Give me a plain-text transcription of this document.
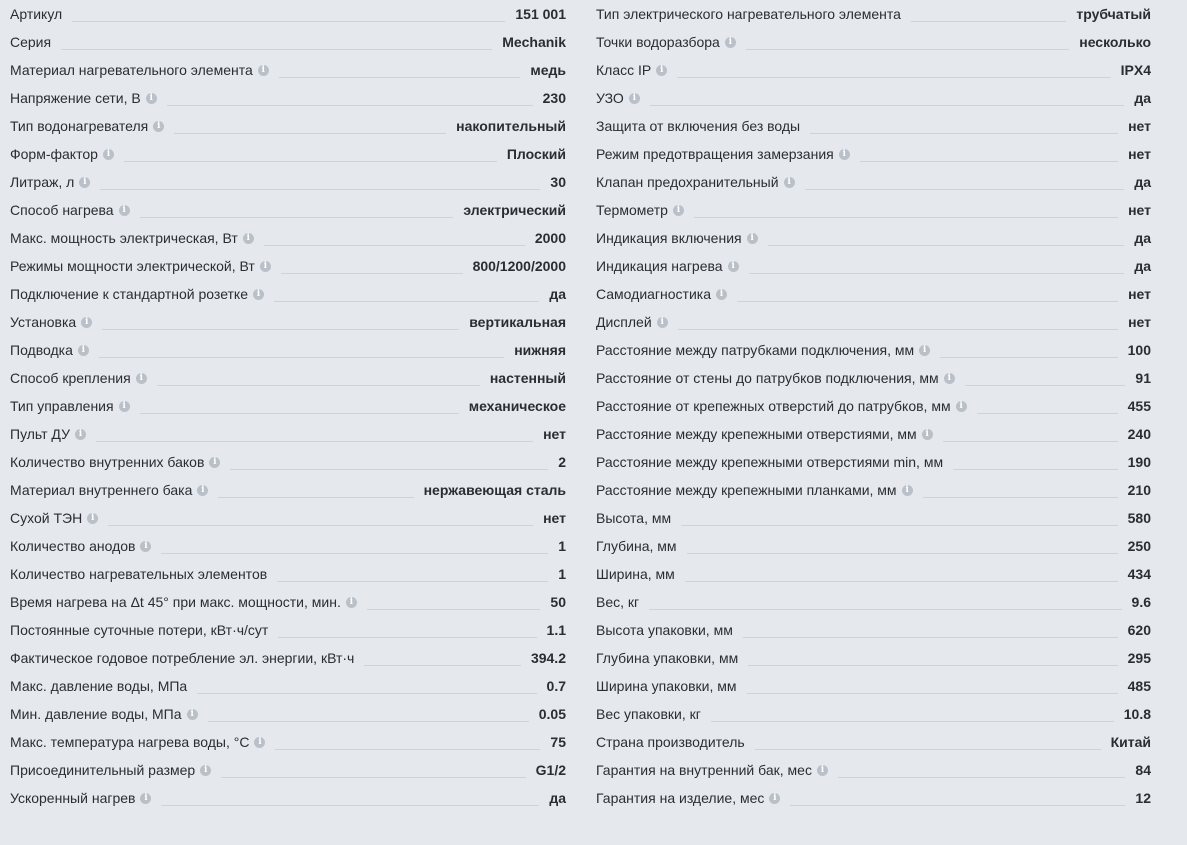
Артикул	151 001
Серия	Mechanik
Материал нагревательного элемента i	медь
Напряжение сети, В i	230
Тип водонагревателя i	накопительный
Форм-фактор i	Плоский
Литраж, л i	30
Способ нагрева i	электрический
Макс. мощность электрическая, Вт i	2000
Режимы мощности электрической, Вт i	800/1200/2000
Подключение к стандартной розетке i	да
Установка i	вертикальная
Подводка i	нижняя
Способ крепления i	настенный
Тип управления i	механическое
Пульт ДУ i	нет
Количество внутренних баков i	2
Материал внутреннего бака i	нержавеющая сталь
Сухой ТЭН i	нет
Количество анодов i	1
Количество нагревательных элементов	1
Время нагрева на Δt 45° при макс. мощности, мин. i	50
Постоянные суточные потери, кВт·ч/сут	1.1
Фактическое годовое потребление эл. энергии, кВт·ч	394.2
Макс. давление воды, МПа	0.7
Мин. давление воды, МПа i	0.05
Макс. температура нагрева воды, °С i	75
Присоединительный размер i	G1/2
Ускоренный нагрев i	да
Тип электрического нагревательного элемента	трубчатый
Точки водоразбора i	несколько
Класс IP i	IPX4
УЗО i	да
Защита от включения без воды	нет
Режим предотвращения замерзания i	нет
Клапан предохранительный i	да
Термометр i	нет
Индикация включения i	да
Индикация нагрева i	да
Самодиагностика i	нет
Дисплей i	нет
Расстояние между патрубками подключения, мм i	100
Расстояние от стены до патрубков подключения, мм i	91
Расстояние от крепежных отверстий до патрубков, мм i	455
Расстояние между крепежными отверстиями, мм i	240
Расстояние между крепежными отверстиями min, мм	190
Расстояние между крепежными планками, мм i	210
Высота, мм	580
Глубина, мм	250
Ширина, мм	434
Вес, кг	9.6
Высота упаковки, мм	620
Глубина упаковки, мм	295
Ширина упаковки, мм	485
Вес упаковки, кг	10.8
Страна производитель	Китай
Гарантия на внутренний бак, мес i	84
Гарантия на изделие, мес i	12
